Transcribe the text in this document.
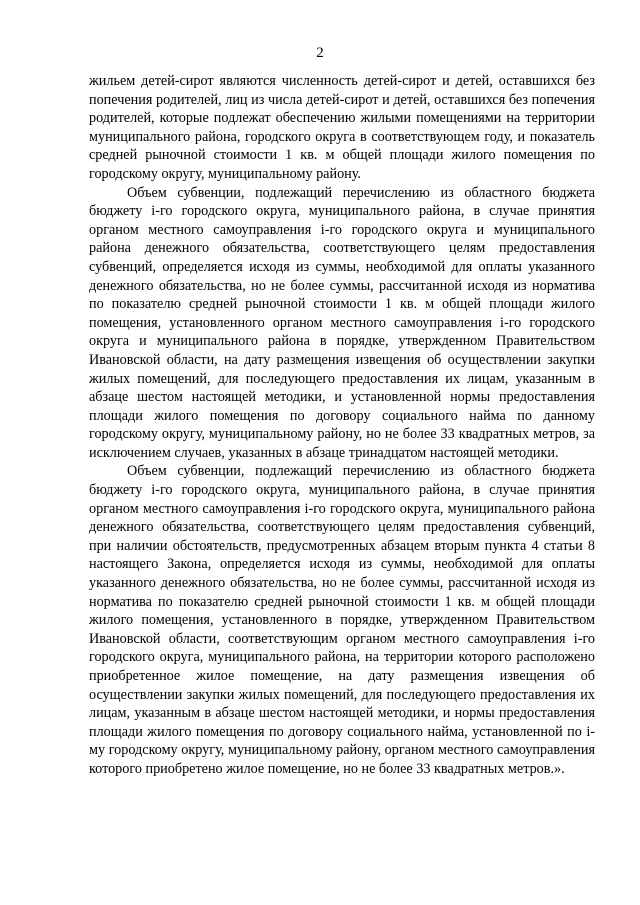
2

жильем детей-сирот являются численность детей-сирот и детей, оставшихся без попечения родителей, лиц из числа детей-сирот и детей, оставшихся без попечения родителей, которые подлежат обеспечению жилыми помещениями на территории муниципального района, городского округа в соответствующем году, и показатель средней рыночной стоимости 1 кв. м общей площади жилого помещения по городскому округу, муниципальному району.

Объем субвенции, подлежащий перечислению из областного бюджета бюджету i-го городского округа, муниципального района, в случае принятия органом местного самоуправления i-го городского округа и муниципального района денежного обязательства, соответствующего целям предоставления субвенций, определяется исходя из суммы, необходимой для оплаты указанного денежного обязательства, но не более суммы, рассчитанной исходя из норматива по показателю средней рыночной стоимости 1 кв. м общей площади жилого помещения, установленного органом местного самоуправления i-го городского округа и муниципального района в порядке, утвержденном Правительством Ивановской области, на дату размещения извещения об осуществлении закупки жилых помещений, для последующего предоставления их лицам, указанным в абзаце шестом настоящей методики, и установленной нормы предоставления площади жилого помещения по договору социального найма по данному городскому округу, муниципальному району, но не более 33 квадратных метров, за исключением случаев, указанных в абзаце тринадцатом настоящей методики.

Объем субвенции, подлежащий перечислению из областного бюджета бюджету i-го городского округа, муниципального района, в случае принятия органом местного самоуправления i-го городского округа, муниципального района денежного обязательства, соответствующего целям предоставления субвенций, при наличии обстоятельств, предусмотренных абзацем вторым пункта 4 статьи 8 настоящего Закона, определяется исходя из суммы, необходимой для оплаты указанного денежного обязательства, но не более суммы, рассчитанной исходя из норматива по показателю средней рыночной стоимости 1 кв. м общей площади жилого помещения, установленного в порядке, утвержденном Правительством Ивановской области, соответствующим органом местного самоуправления i-го городского округа, муниципального района, на территории которого расположено приобретенное жилое помещение, на дату размещения извещения об осуществлении закупки жилых помещений, для последующего предоставления их лицам, указанным в абзаце шестом настоящей методики, и нормы предоставления площади жилого помещения по договору социального найма, установленной по i-му городскому округу, муниципальному району, органом местного самоуправления которого приобретено жилое помещение, но не более 33 квадратных метров.».
